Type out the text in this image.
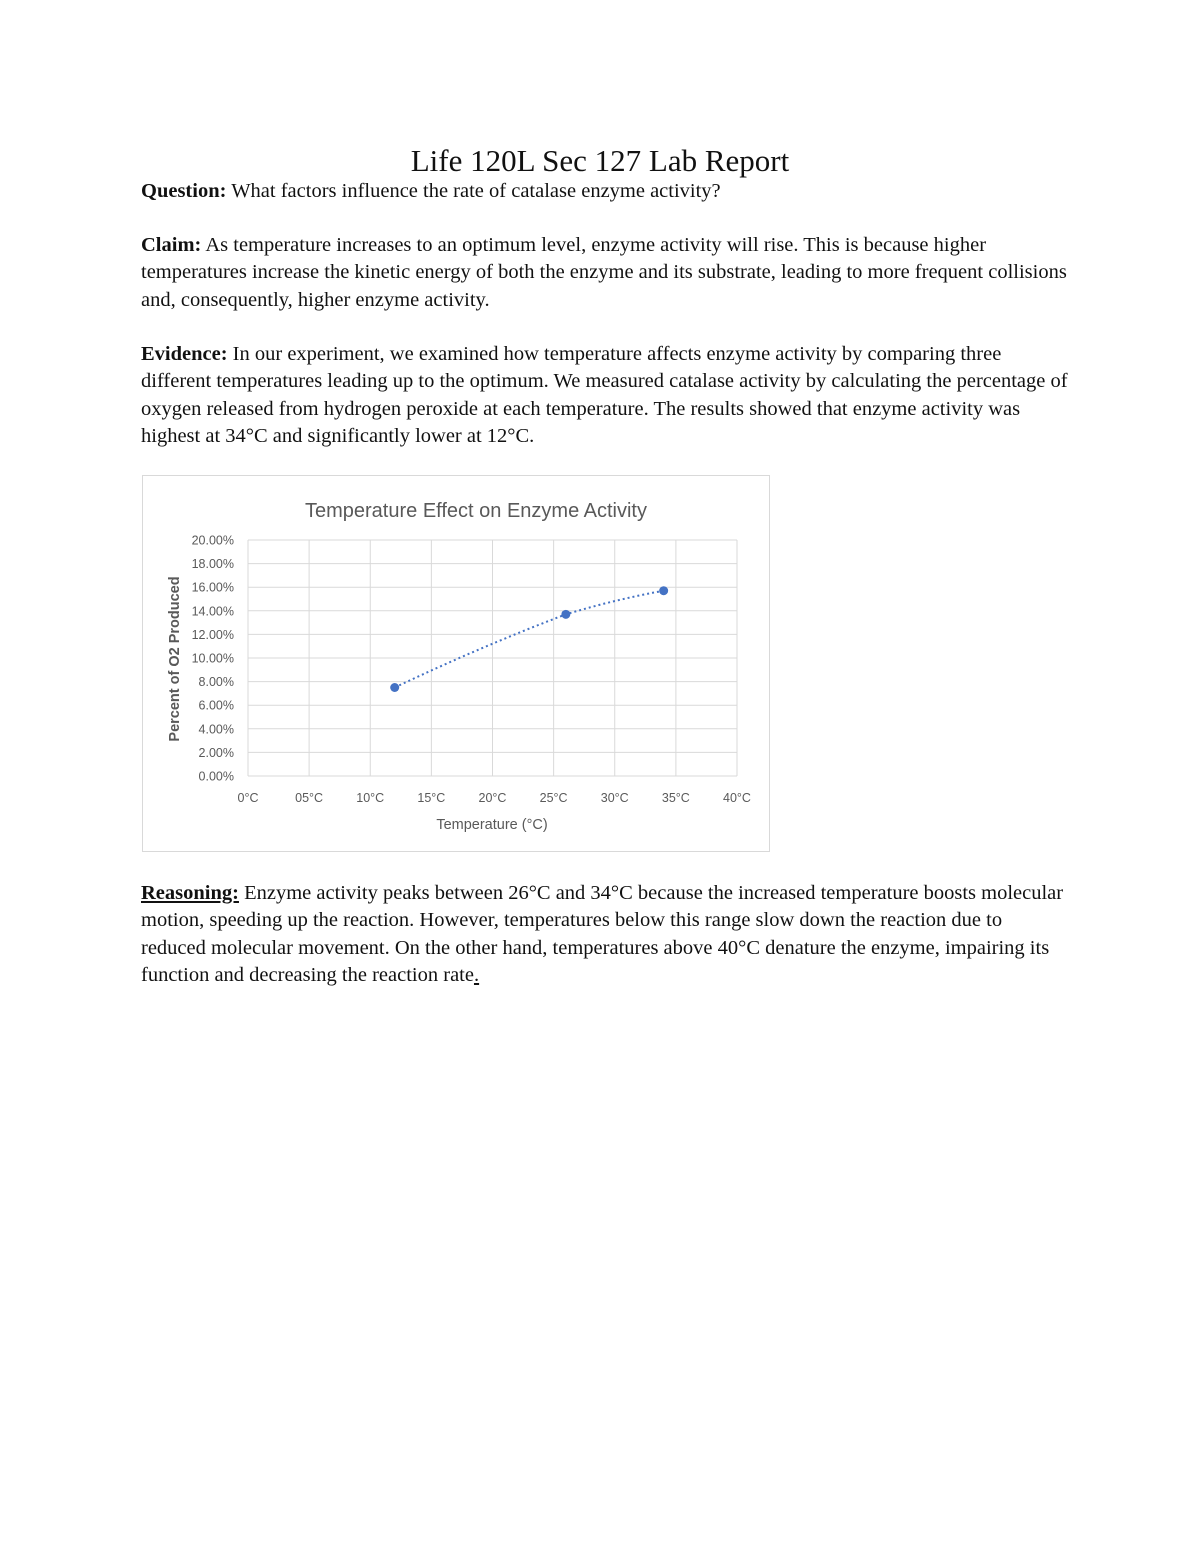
Life 120L Sec 127 Lab Report
Question: What factors influence the rate of catalase enzyme activity?
Claim: As temperature increases to an optimum level, enzyme activity will rise. This is because higher temperatures increase the kinetic energy of both the enzyme and its substrate, leading to more frequent collisions and, consequently, higher enzyme activity.
Evidence: In our experiment, we examined how temperature affects enzyme activity by comparing three different temperatures leading up to the optimum. We measured catalase activity by calculating the percentage of oxygen released from hydrogen peroxide at each temperature. The results showed that enzyme activity was highest at 34°C and significantly lower at 12°C.
Temperature Effect on Enzyme Activity
0.00%
2.00%
4.00%
6.00%
8.00%
10.00%
12.00%
14.00%
16.00%
18.00%
20.00%
0°C	05°C	10°C	15°C	20°C	25°C	30°C	35°C	40°C
Temperature (°C)
Percent of O2 Produced
Reasoning: Enzyme activity peaks between 26°C and 34°C because the increased temperature boosts molecular motion, speeding up the reaction. However, temperatures below this range slow down the reaction due to reduced molecular movement. On the other hand, temperatures above 40°C denature the enzyme, impairing its function and decreasing the reaction rate.
